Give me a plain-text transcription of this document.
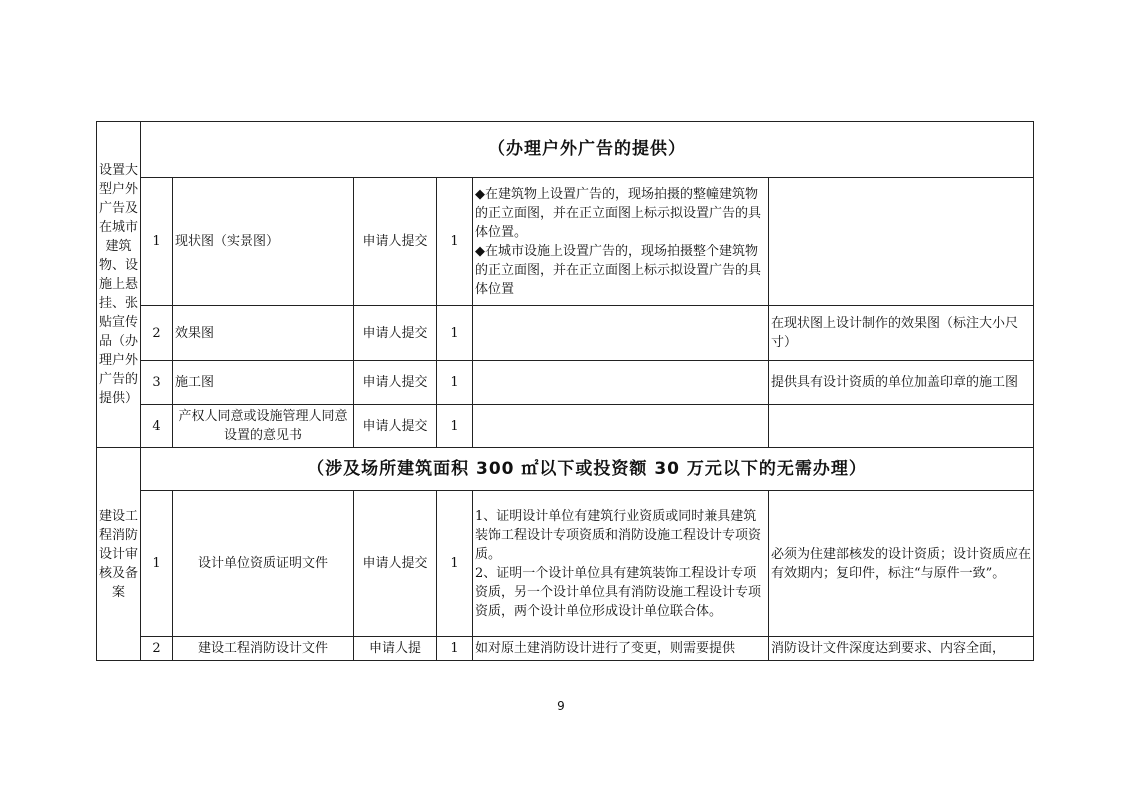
设置大型户外广告及在城市建筑物、设施上悬挂、张贴宣传品（办理户外广告的提供）	（办理户外广告的提供）					
	1	现状图（实景图）	申请人提交	1	◆在建筑物上设置广告的，现场拍摄的整幢建筑物的正立面图，并在正立面图上标示拟设置广告的具体位置。
◆在城市设施上设置广告的，现场拍摄整个建筑物的正立面图，并在正立面图上标示拟设置广告的具体位置	

	2	效果图	申请人提交	1		在现状图上设计制作的效果图（标注大小尺寸）
	3	施工图	申请人提交	1		提供具有设计资质的单位加盖印章的施工图
	4	产权人同意或设施管理人同意设置的意见书	申请人提交	1		
建设工程消防设计审核及备案	（涉及场所建筑面积 300 ㎡以下或投资额 30 万元以下的无需办理）					
	1	设计单位资质证明文件	申请人提交	1	1、证明设计单位有建筑行业资质或同时兼具建筑装饰工程设计专项资质和消防设施工程设计专项资质。
2、证明一个设计单位具有建筑装饰工程设计专项资质，另一个设计单位具有消防设施工程设计专项资质，两个设计单位形成设计单位联合体。	必须为住建部核发的设计资质；设计资质应在有效期内；复印件，标注“与原件一致”。
	2	建设工程消防设计文件	申请人提	1	如对原土建消防设计进行了变更，则需要提供	消防设计文件深度达到要求、内容全面，
9
